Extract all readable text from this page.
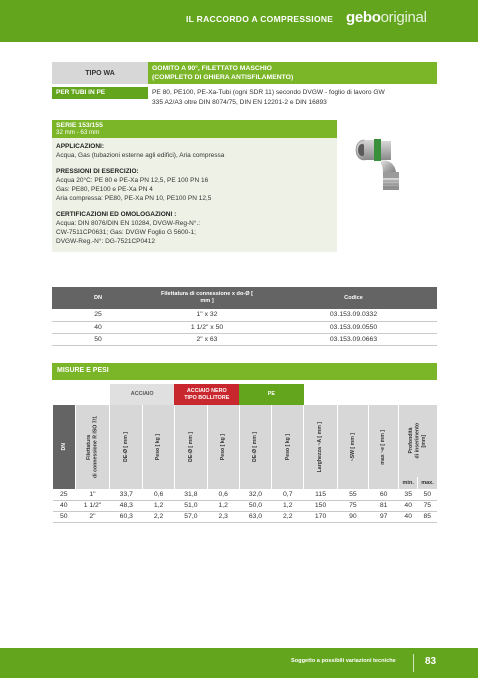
IL RACCORDO A COMPRESSIONE gebooriginal
TIPO WA
GOMITO A 90°, FILETTATO MASCHIO
(COMPLETO DI GHIERA ANTISFILAMENTO)
PER TUBI IN PE	PE 80, PE100, PE-Xa-Tubi (ogni SDR 11) secondo DVGW - foglio di lavoro GW
335 A2/A3 oltre DIN 8074/75, DIN EN 12201-2 e DIN 16893
SERIE 153/155
32 mm - 63 mm
APPLICAZIONI:
Acqua, Gas (tubazioni esterne agli edifici), Aria compressa
PRESSIONI DI ESERCIZIO:
Acqua 20°C: PE 80 e PE-Xa PN 12,5, PE 100 PN 16
Gas: PE80, PE100 e PE-Xa PN 4
Aria compressa: PE80, PE-Xa PN 10, PE100 PN 12,5
CERTIFICAZIONI ED OMOLOGAZIONI :
Acqua: DIN 8076/DIN EN 10284, DVGW-Reg-N°.:
CW-7511CP0631; Gas: DVGW Foglio G 5600-1;
DVGW-Reg.-N°: DG-7521CP0412
DN	Filettatura di connessione x do-Ø [ mm ]	Codice
25	1" x 32	03.153.09.0332
40	1 1/2" x 50	03.153.09.0550
50	2" x 63	03.153.09.0663
MISURE E PESI
		ACCIAIO		ACCIAIO NERO
TIPO BOLLITORE		PE						

DN	Filettatura
di connessione R ISO 7/1	DE-Ø [ mm ]	Peso [ kg ]	DE-Ø [ mm ]	Peso [ kg ]	DE-Ø [ mm ]	Peso [ kg ]	Larghezza ~A [ mm ]	~SW [ mm ]	max ~e [ mm ]	Profondità
di inserimento
[mm]	

											min.	max.
25	1"	33,7	0,6	31,8	0,6	32,0	0,7	115	55	60	35	50
40	1 1/2"	48,3	1,2	51,0	1,2	50,0	1,2	150	75	81	40	75
50	2"	60,3	2,2	57,0	2,3	63,0	2,2	170	90	97	40	85
Soggetto a possibili variazioni tecniche	83
